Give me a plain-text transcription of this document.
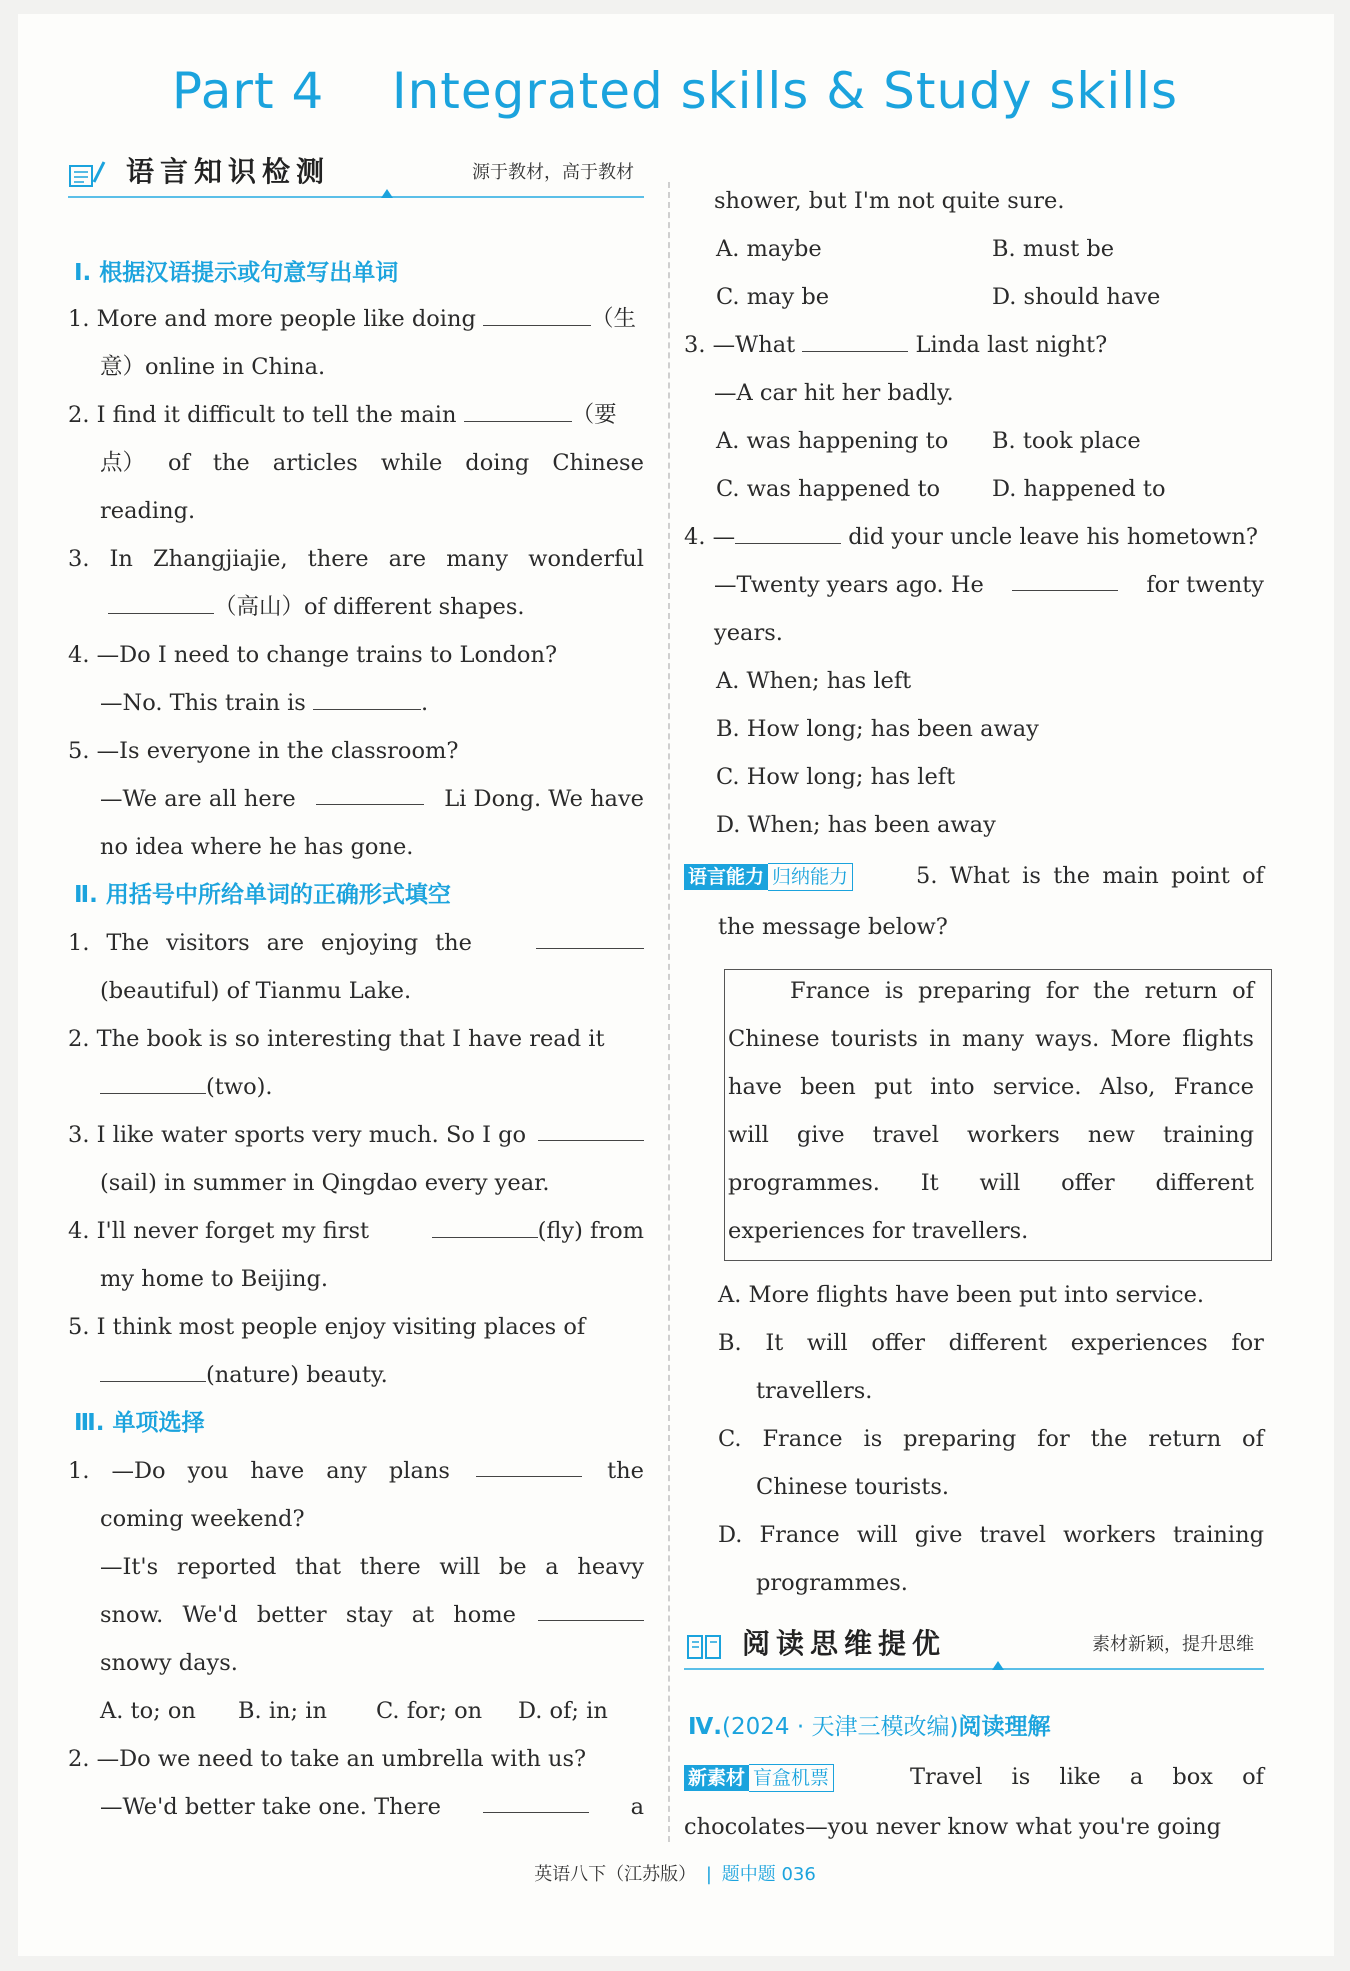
Part 4    Integrated skills & Study skills
语言知识检测	源于教材，高于教材
Ⅰ. 根据汉语提示或句意写出单词
1. More and more people like doing	（生
意）online in China.
2. I find it difficult to tell the main	（要
点） of the articles while doing Chinese
reading.
3. In Zhangjiajie, there are many wonderful
（高山）of different shapes.
4. —Do I need to change trains to London?
—No. This train is	.
5. —Is everyone in the classroom?
—We are all here	Li Dong. We have
no idea where he has gone.
Ⅱ. 用括号中所给单词的正确形式填空
1. The visitors are enjoying the
(beautiful) of Tianmu Lake.
2. The book is so interesting that I have read it
(two).
3. I like water sports very much. So I go
(sail) in summer in Qingdao every year.
4. I'll never forget my first	(fly) from
my home to Beijing.
5. I think most people enjoy visiting places of
(nature) beauty.
Ⅲ. 单项选择
1. —Do you have any plans	the
coming weekend?
—It's reported that there will be a heavy
snow. We'd better stay at home
snowy days.
A. to; on B. in; in C. for; on D. of; in
2. —Do we need to take an umbrella with us?
—We'd better take one. There	a
shower, but I'm not quite sure.
A. maybe	B. must be
C. may be	D. should have
3. —What	Linda last night?
—A car hit her badly.
A. was happening to B. took place
C. was happened to D. happened to
4. —	did your uncle leave his hometown?
—Twenty years ago. He	for twenty
years.
A. When; has left
B. How long; has been away
C. How long; has left
D. When; has been away
语言能力 归纳能力	5. What is the main point of
the message below?
France is preparing for the return of
Chinese tourists in many ways. More flights
have been put into service. Also, France
will give travel workers new training
programmes. It will offer different
experiences for travellers.
A. More flights have been put into service.
B. It will offer different experiences for
travellers.
C. France is preparing for the return of
Chinese tourists.
D. France will give travel workers training
programmes.
阅读思维提优	素材新颖，提升思维
Ⅳ.(2024 · 天津三模改编)阅读理解
新素材 盲盒机票	Travel is like a box of
chocolates—you never know what you're going
英语八下（江苏版） | 题中题 036
